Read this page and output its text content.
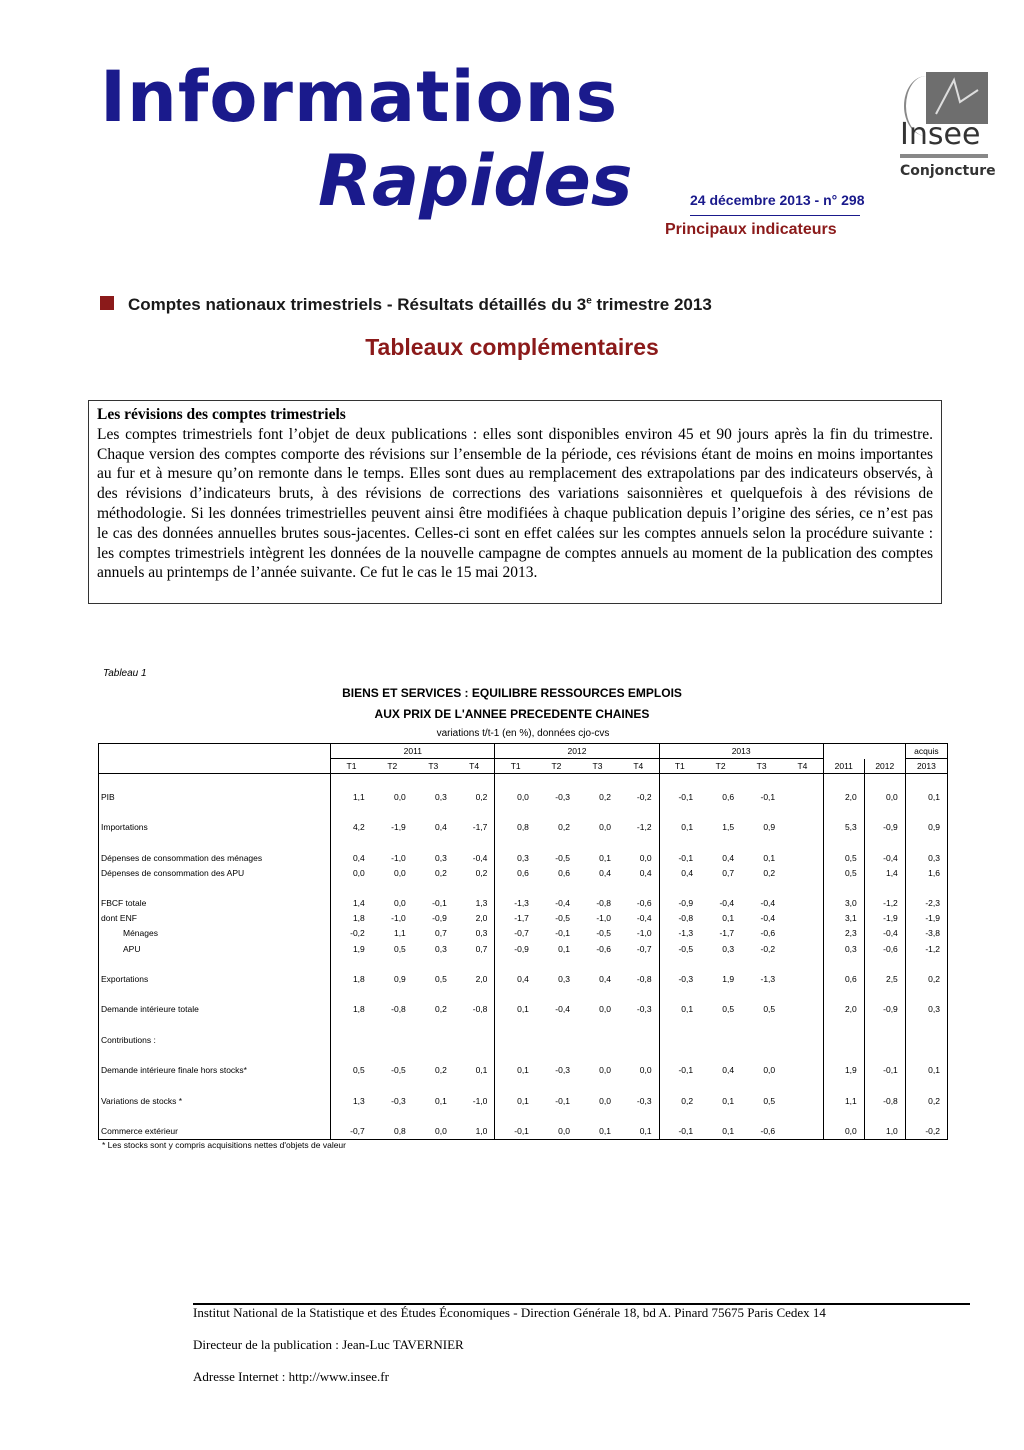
Informations
Rapides	24 décembre 2013 - n° 298
Principaux indicateurs
Insee
Conjoncture
Comptes nationaux trimestriels - Résultats détaillés du 3e trimestre 2013
Tableaux complémentaires
Les révisions des comptes trimestriels
Les comptes trimestriels font l’objet de deux publications : elles sont disponibles environ 45 et 90 jours après la fin du trimestre. Chaque version des comptes comporte des révisions sur l’ensemble de la période, ces révisions étant de moins en moins importantes au fur et à mesure qu’on remonte dans le temps. Elles sont dues au remplacement des extrapolations par des indicateurs observés, à des révisions d’indicateurs bruts, à des révisions de corrections des variations saisonnières et quelquefois à des révisions de méthodologie. Si les données trimestrielles peuvent ainsi être modifiées à chaque publication depuis l’origine des séries, ce n’est pas le cas des données annuelles brutes sous-jacentes. Celles-ci sont en effet calées sur les comptes annuels selon la procédure suivante : les comptes trimestriels intègrent les données de la nouvelle campagne de comptes annuels au moment de la publication des comptes annuels au printemps de l’année suivante. Ce fut le cas le 15 mai 2013.
Tableau 1
BIENS ET SERVICES : EQUILIBRE RESSOURCES EMPLOIS
AUX PRIX DE L'ANNEE PRECEDENTE CHAINES
variations t/t-1 (en %), données cjo-cvs
	2011				2012				2013						acquis
	T1	T2	T3	T4	T1	T2	T3	T4	T1	T2	T3	T4	2011	2012	2013

PIB	1,1	0,0	0,3	0,2	0,0	-0,3	0,2	-0,2	-0,1	0,6	-0,1		2,0	0,0	0,1

Importations	4,2	-1,9	0,4	-1,7	0,8	0,2	0,0	-1,2	0,1	1,5	0,9		5,3	-0,9	0,9

Dépenses de consommation des ménages	0,4	-1,0	0,3	-0,4	0,3	-0,5	0,1	0,0	-0,1	0,4	0,1		0,5	-0,4	0,3
Dépenses de consommation des APU	0,0	0,0	0,2	0,2	0,6	0,6	0,4	0,4	0,4	0,7	0,2		0,5	1,4	1,6

FBCF totale	1,4	0,0	-0,1	1,3	-1,3	-0,4	-0,8	-0,6	-0,9	-0,4	-0,4		3,0	-1,2	-2,3
dont ENF	1,8	-1,0	-0,9	2,0	-1,7	-0,5	-1,0	-0,4	-0,8	0,1	-0,4		3,1	-1,9	-1,9
Ménages	-0,2	1,1	0,7	0,3	-0,7	-0,1	-0,5	-1,0	-1,3	-1,7	-0,6		2,3	-0,4	-3,8
APU	1,9	0,5	0,3	0,7	-0,9	0,1	-0,6	-0,7	-0,5	0,3	-0,2		0,3	-0,6	-1,2

Exportations	1,8	0,9	0,5	2,0	0,4	0,3	0,4	-0,8	-0,3	1,9	-1,3		0,6	2,5	0,2

Demande intérieure totale	1,8	-0,8	0,2	-0,8	0,1	-0,4	0,0	-0,3	0,1	0,5	0,5		2,0	-0,9	0,3

Contributions :															

Demande intérieure finale hors stocks*	0,5	-0,5	0,2	0,1	0,1	-0,3	0,0	0,0	-0,1	0,4	0,0		1,9	-0,1	0,1

Variations de stocks *	1,3	-0,3	0,1	-1,0	0,1	-0,1	0,0	-0,3	0,2	0,1	0,5		1,1	-0,8	0,2

Commerce extérieur	-0,7	0,8	0,0	1,0	-0,1	0,0	0,1	0,1	-0,1	0,1	-0,6		0,0	1,0	-0,2
* Les stocks sont y compris acquisitions nettes d'objets de valeur
Institut National de la Statistique et des Études Économiques - Direction Générale 18, bd A. Pinard 75675 Paris Cedex 14
Directeur de la publication : Jean-Luc TAVERNIER
Adresse Internet : http://www.insee.fr
